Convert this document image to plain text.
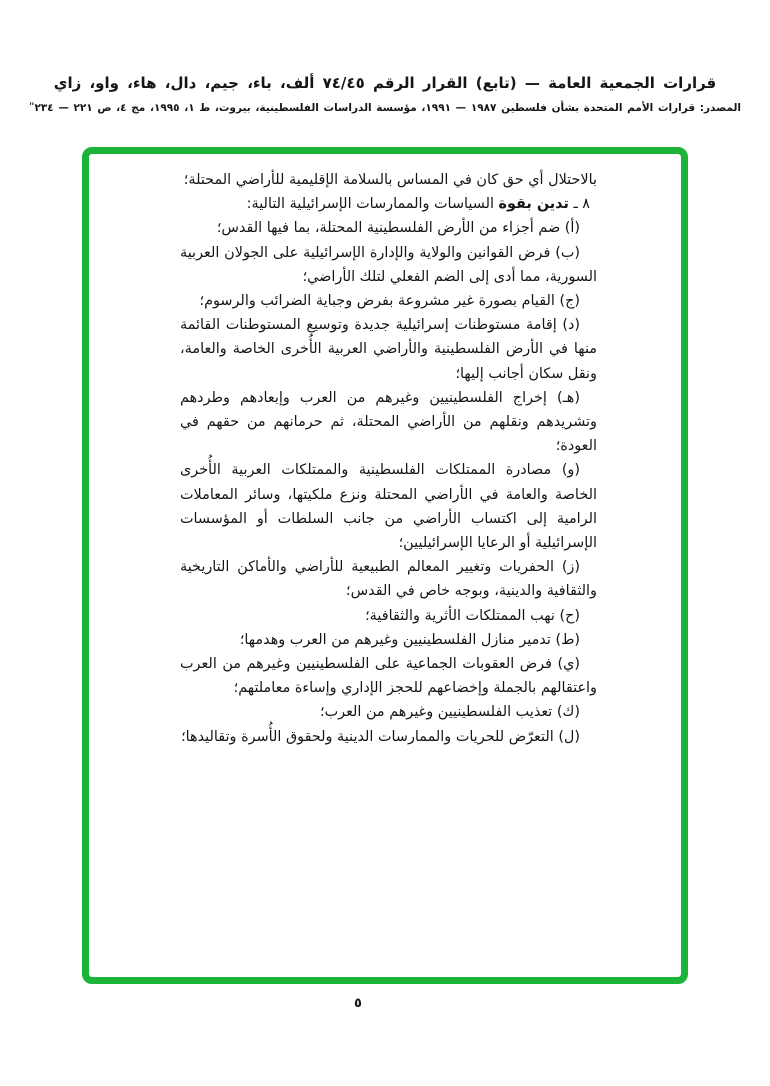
قرارات الجمعية العامة — (تابع) القرار الرقم ٧٤/٤٥ ألف، باء، جيم، دال، هاء، واو، زاي
المصدر: قرارات الأمم المتحدة بشأن فلسطين ١٩٨٧ — ١٩٩١، مؤسسة الدراسات الفلسطينية، بيروت، ط ١، ١٩٩٥، مج ٤، ص ٢٢١ — ٢٣٤ʺ

بالاحتلال أي حق كان في المساس بالسلامة الإقليمية للأراضي المحتلة؛

٨ ـ تدين بقوة السياسات والممارسات الإسرائيلية التالية:

(أ) ضم أجزاء من الأرض الفلسطينية المحتلة، بما فيها القدس؛

(ب) فرض القوانين والولاية والإدارة الإسرائيلية على الجولان العربية السورية، مما أدى إلى الضم الفعلي لتلك الأراضي؛

(ج) القيام بصورة غير مشروعة بفرض وجباية الضرائب والرسوم؛

(د) إقامة مستوطنات إسرائيلية جديدة وتوسيع المستوطنات القائمة منها في الأرض الفلسطينية والأراضي العربية الأُخرى الخاصة والعامة، ونقل سكان أجانب إليها؛

(هـ) إخراج الفلسطينيين وغيرهم من العرب وإبعادهم وطردهم وتشريدهم ونقلهم من الأراضي المحتلة، ثم حرمانهم من حقهم في العودة؛

(و) مصادرة الممتلكات الفلسطينية والممتلكات العربية الأُخرى الخاصة والعامة في الأراضي المحتلة ونزع ملكيتها، وسائر المعاملات الرامية إلى اكتساب الأراضي من جانب السلطات أو المؤسسات الإسرائيلية أو الرعايا الإسرائيليين؛

(ز) الحفريات وتغيير المعالم الطبيعية للأراضي والأماكن التاريخية والثقافية والدينية، وبوجه خاص في القدس؛

(ح) نهب الممتلكات الأثرية والثقافية؛

(ط) تدمير منازل الفلسطينيين وغيرهم من العرب وهدمها؛

(ي) فرض العقوبات الجماعية على الفلسطينيين وغيرهم من العرب واعتقالهم بالجملة وإخضاعهم للحجز الإداري وإساءة معاملتهم؛

(ك) تعذيب الفلسطينيين وغيرهم من العرب؛

(ل) التعرّض للحريات والممارسات الدينية ولحقوق الأُسرة وتقاليدها؛

٥
